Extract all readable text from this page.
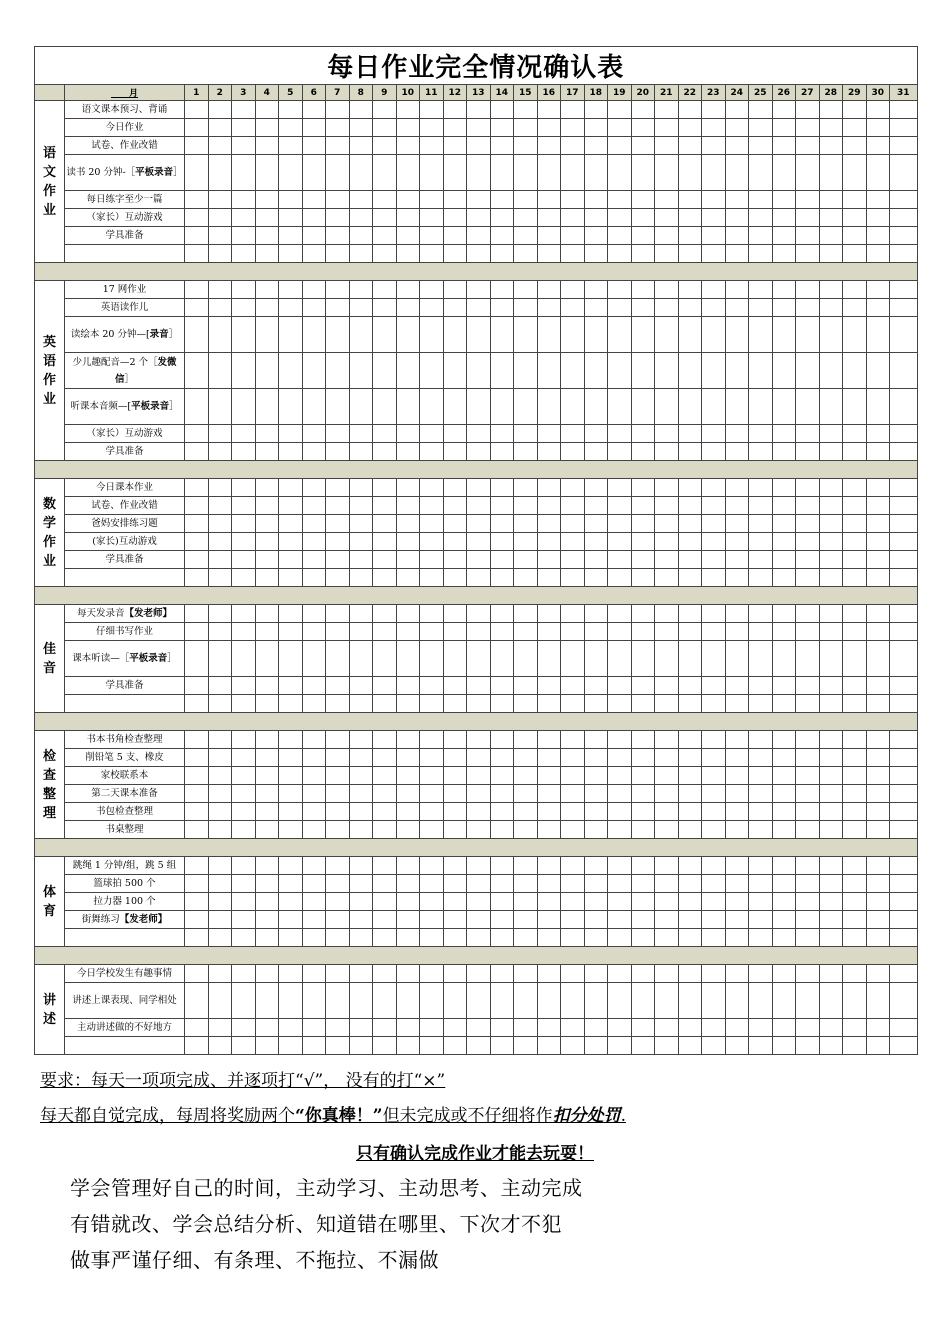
每日作业完全情况确认表																																
	____月	1	2	3	4	5	6	7	8	9	10	11	12	13	14	15	16	17	18	19	20	21	22	23	24	25	26	27	28	29	30	31

语
文
作
业	语文课本预习、背诵																															
	今日作业																															
	试卷、作业改错																															
	读书 20 分钟-［平板录音］																															
	每日练字至少一篇																															
	（家长）互动游戏																															
	学具准备																															

英
语
作
业	17 网作业																															
	英语读作儿																															
	读绘本 20 分钟—[录音］																															
	少儿趣配音—2 个［发微信］																															
	听课本音频—[平板录音］																															
	（家长）互动游戏																															
	学具准备																															

数
学
作
业	今日课本作业																															
	试卷、作业改错																															
	爸妈安排练习题																															
	(家长)互动游戏																															
	学具准备																															

佳
音	每天发录音【发老师】																															
	仔细书写作业																															
	课本听读—［平板录音］																															
	学具准备																															

检
查
整
理	书本书角检查整理																															
	削铅笔 5 支、橡皮																															
	家校联系本																															
	第二天课本准备																															
	书包检查整理																															
	书桌整理																															

体
育	跳绳 1 分钟/组，跳 5 组																															
	篮球拍 500 个																															
	拉力器 100 个																															
	街舞练习【发老师】																															

讲
述	今日学校发生有趣事情																															
	讲述上课表现、同学相处																															
	主动讲述做的不好地方																															

要求：每天一项项完成、并逐项打“√”， 没有的打“×”
每天都自觉完成，每周将奖励两个“你真棒！”但未完成或不仔细将作扣分处罚.
只有确认完成作业才能去玩耍！
学会管理好自己的时间，主动学习、主动思考、主动完成
有错就改、学会总结分析、知道错在哪里、下次才不犯
做事严谨仔细、有条理、不拖拉、不漏做
